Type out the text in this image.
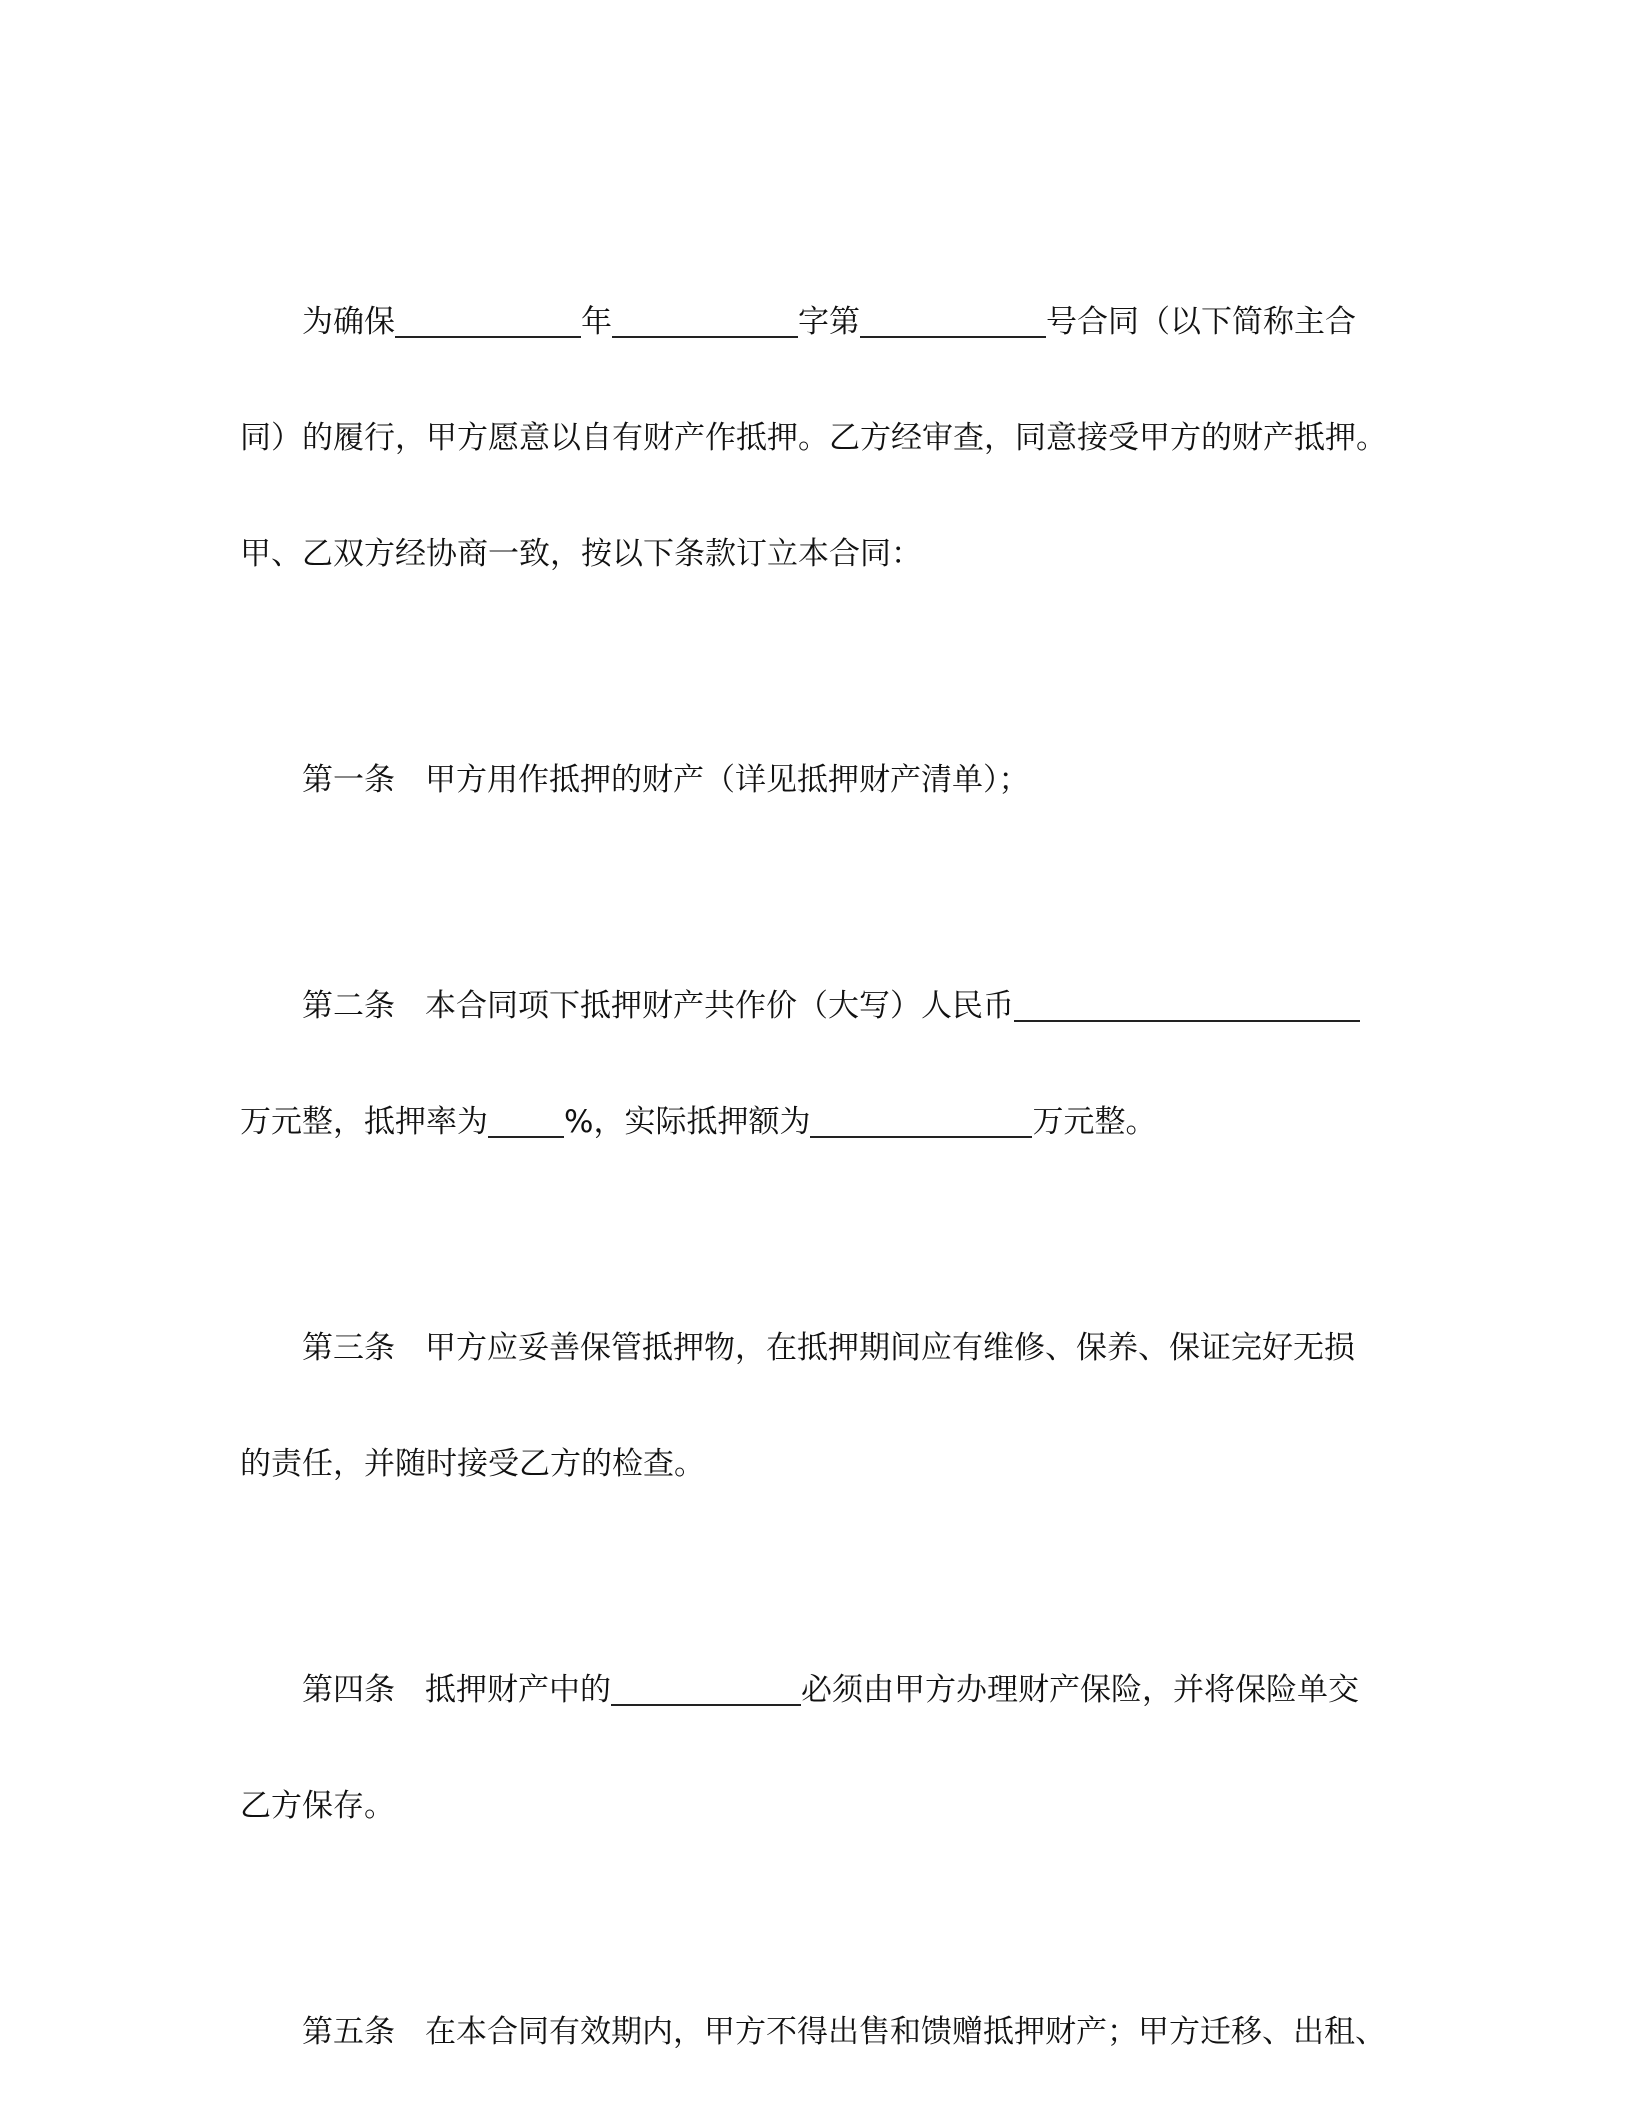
为确保	年	字第	号合同（以下简称主合
同）的履行，甲方愿意以自有财产作抵押。乙方经审查，同意接受甲方的财产抵押。
甲、乙双方经协商一致，按以下条款订立本合同：
第一条 甲方用作抵押的财产（详见抵押财产清单）；
第二条 本合同项下抵押财产共作价（大写）人民币
万元整，抵押率为 %，实际抵押额为	万元整。
第三条 甲方应妥善保管抵押物，在抵押期间应有维修、保养、保证完好无损
的责任，并随时接受乙方的检查。
第四条 抵押财产中的	必须由甲方办理财产保险，并将保险单交
乙方保存。
第五条 在本合同有效期内，甲方不得出售和馈赠抵押财产；甲方迁移、出租、
